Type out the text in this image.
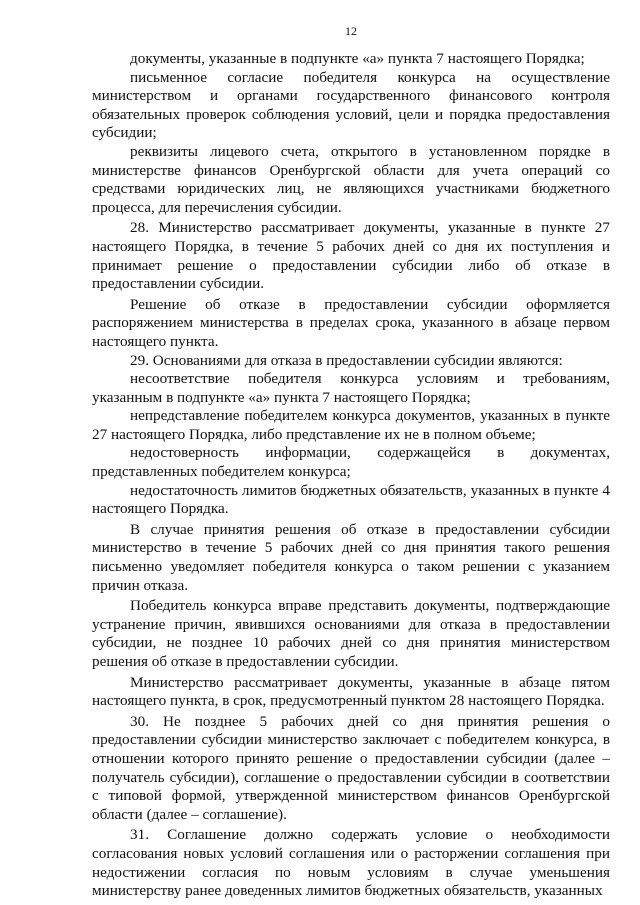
12

документы, указанные в подпункте «а» пункта 7 настоящего Порядка;

письменное согласие победителя конкурса на осуществление министерством и органами государственного финансового контроля обязательных проверок соблюдения условий, цели и порядка предоставления субсидии;

реквизиты лицевого счета, открытого в установленном порядке в министерстве финансов Оренбургской области для учета операций со средствами юридических лиц, не являющихся участниками бюджетного процесса, для перечисления субсидии.

28. Министерство рассматривает документы, указанные в пункте 27 настоящего Порядка, в течение 5 рабочих дней со дня их поступления и принимает решение о предоставлении субсидии либо об отказе в предоставлении субсидии.

Решение об отказе в предоставлении субсидии оформляется распоряжением министерства в пределах срока, указанного в абзаце первом настоящего пункта.

29. Основаниями для отказа в предоставлении субсидии являются:

несоответствие победителя конкурса условиям и требованиям, указанным в подпункте «а» пункта 7 настоящего Порядка;

непредставление победителем конкурса документов, указанных в пункте 27 настоящего Порядка, либо представление их не в полном объеме;

недостоверность информации, содержащейся в документах, представленных победителем конкурса;

недостаточность лимитов бюджетных обязательств, указанных в пункте 4 настоящего Порядка.

В случае принятия решения об отказе в предоставлении субсидии министерство в течение 5 рабочих дней со дня принятия такого решения письменно уведомляет победителя конкурса о таком решении с указанием причин отказа.

Победитель конкурса вправе представить документы, подтверждающие устранение причин, явившихся основаниями для отказа в предоставлении субсидии, не позднее 10 рабочих дней со дня принятия министерством решения об отказе в предоставлении субсидии.

Министерство рассматривает документы, указанные в абзаце пятом настоящего пункта, в срок, предусмотренный пунктом 28 настоящего Порядка.

30. Не позднее 5 рабочих дней со дня принятия решения о предоставлении субсидии министерство заключает с победителем конкурса, в отношении которого принято решение о предоставлении субсидии (далее – получатель субсидии), соглашение о предоставлении субсидии в соответствии с типовой формой, утвержденной министерством финансов Оренбургской области (далее – соглашение).

31. Соглашение должно содержать условие о необходимости согласования новых условий соглашения или о расторжении соглашения при недостижении согласия по новым условиям в случае уменьшения министерству ранее доведенных лимитов бюджетных обязательств, указанных
